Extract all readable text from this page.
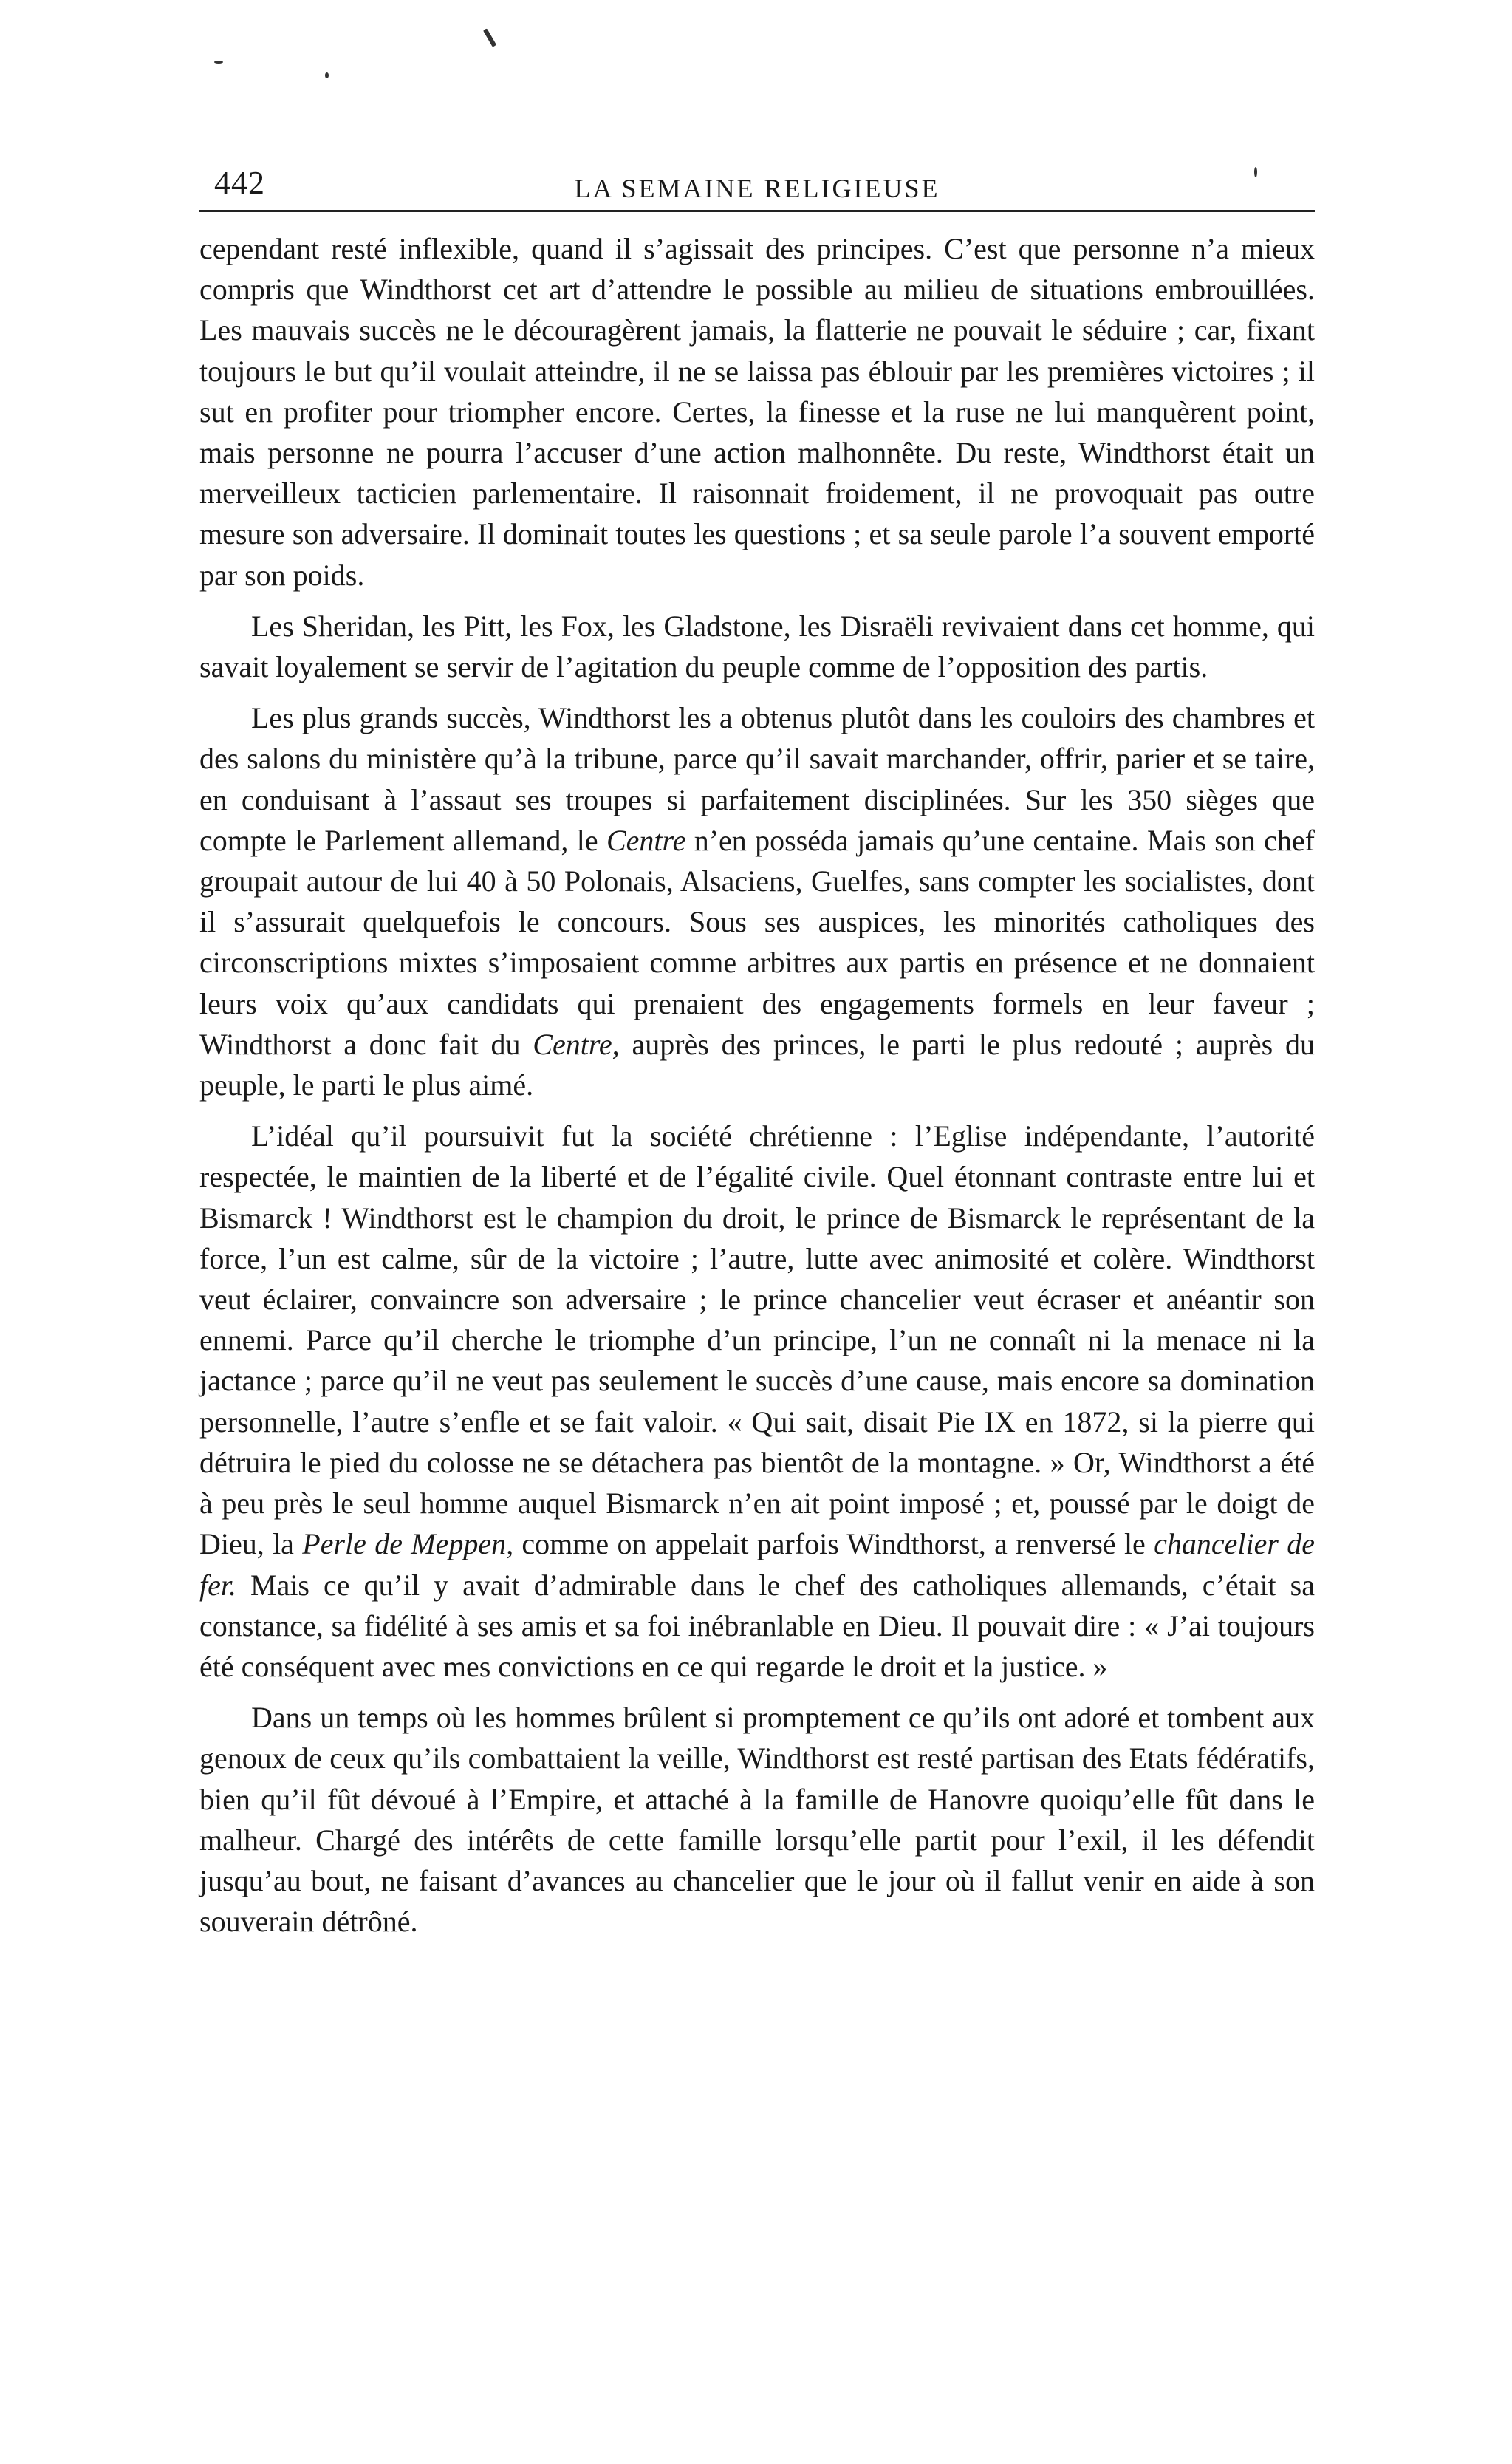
442	LA SEMAINE RELIGIEUSE

cependant resté inflexible, quand il s’agissait des principes. C’est que personne n’a mieux compris que Windthorst cet art d’attendre le possible au milieu de situations embrouillées. Les mauvais succès ne le découragèrent jamais, la flatterie ne pouvait le séduire ; car, fixant toujours le but qu’il voulait atteindre, il ne se laissa pas éblouir par les premières victoires ; il sut en profiter pour triompher encore. Certes, la finesse et la ruse ne lui manquèrent point, mais personne ne pourra l’accuser d’une action malhonnête. Du reste, Windthorst était un merveilleux tacticien parlementaire. Il raisonnait froidement, il ne provoquait pas outre mesure son adversaire. Il dominait toutes les questions ; et sa seule parole l’a souvent emporté par son poids.

Les Sheridan, les Pitt, les Fox, les Gladstone, les Disraëli revivaient dans cet homme, qui savait loyalement se servir de l’agitation du peuple comme de l’opposition des partis.

Les plus grands succès, Windthorst les a obtenus plutôt dans les couloirs des chambres et des salons du ministère qu’à la tribune, parce qu’il savait marchander, offrir, parier et se taire, en conduisant à l’assaut ses troupes si parfaitement disciplinées. Sur les 350 sièges que compte le Parlement allemand, le Centre n’en posséda jamais qu’une centaine. Mais son chef groupait autour de lui 40 à 50 Polonais, Alsaciens, Guelfes, sans compter les socialistes, dont il s’assurait quelquefois le concours. Sous ses auspices, les minorités catholiques des circonscriptions mixtes s’imposaient comme arbitres aux partis en présence et ne donnaient leurs voix qu’aux candidats qui prenaient des engagements formels en leur faveur ; Windthorst a donc fait du Centre, auprès des princes, le parti le plus redouté ; auprès du peuple, le parti le plus aimé.

L’idéal qu’il poursuivit fut la société chrétienne : l’Eglise indépendante, l’autorité respectée, le maintien de la liberté et de l’égalité civile. Quel étonnant contraste entre lui et Bismarck ! Windthorst est le champion du droit, le prince de Bismarck le représentant de la force, l’un est calme, sûr de la victoire ; l’autre, lutte avec animosité et colère. Windthorst veut éclairer, convaincre son adversaire ; le prince chancelier veut écraser et anéantir son ennemi. Parce qu’il cherche le triomphe d’un principe, l’un ne connaît ni la menace ni la jactance ; parce qu’il ne veut pas seulement le succès d’une cause, mais encore sa domination personnelle, l’autre s’enfle et se fait valoir. « Qui sait, disait Pie IX en 1872, si la pierre qui détruira le pied du colosse ne se détachera pas bientôt de la montagne. » Or, Windthorst a été à peu près le seul homme auquel Bismarck n’en ait point imposé ; et, poussé par le doigt de Dieu, la Perle de Meppen, comme on appelait parfois Windthorst, a renversé le chancelier de fer. Mais ce qu’il y avait d’admirable dans le chef des catholiques allemands, c’était sa constance, sa fidélité à ses amis et sa foi inébranlable en Dieu. Il pouvait dire : « J’ai toujours été conséquent avec mes convictions en ce qui regarde le droit et la justice. »

Dans un temps où les hommes brûlent si promptement ce qu’ils ont adoré et tombent aux genoux de ceux qu’ils combattaient la veille, Windthorst est resté partisan des Etats fédératifs, bien qu’il fût dévoué à l’Empire, et attaché à la famille de Hanovre quoiqu’elle fût dans le malheur. Chargé des intérêts de cette famille lorsqu’elle partit pour l’exil, il les défendit jusqu’au bout, ne faisant d’avances au chancelier que le jour où il fallut venir en aide à son souverain détrôné.
